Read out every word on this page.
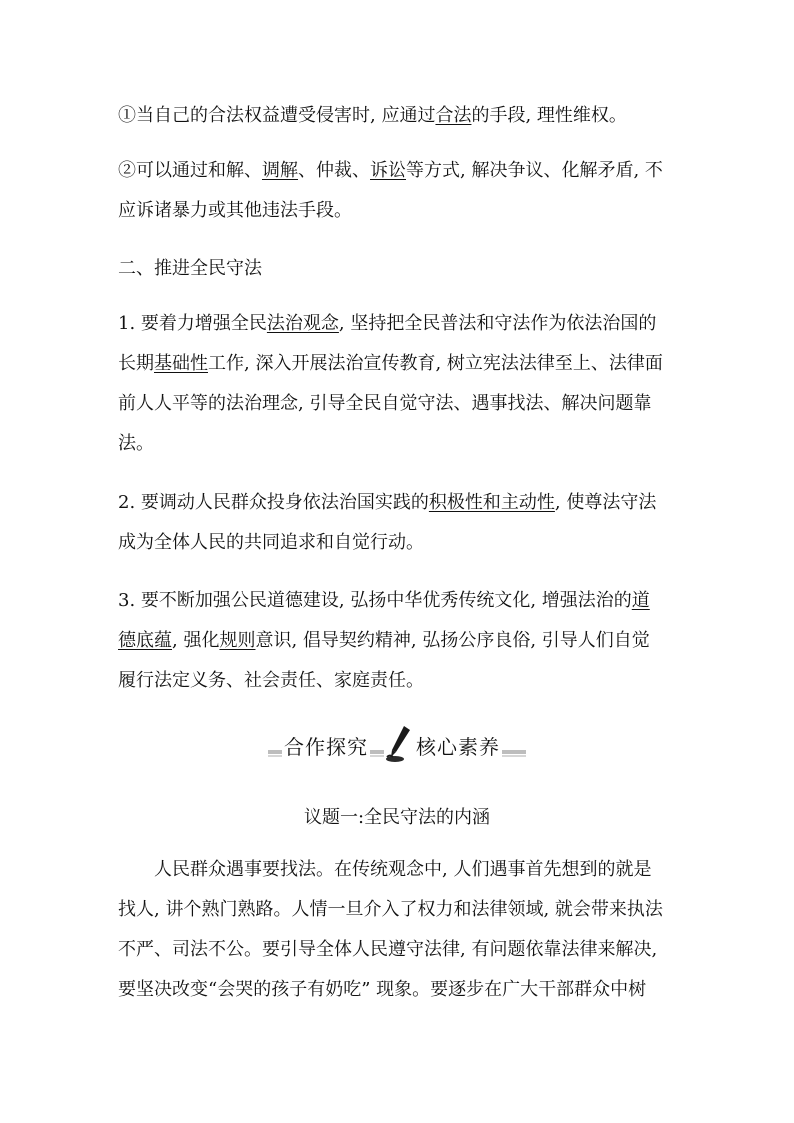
①当自己的合法权益遭受侵害时, 应通过合法的手段, 理性维权。

②可以通过和解、调解、仲裁、诉讼等方式, 解决争议、化解矛盾, 不
应诉诸暴力或其他违法手段。

二、推进全民守法

1. 要着力增强全民法治观念, 坚持把全民普法和守法作为依法治国的
长期基础性工作, 深入开展法治宣传教育, 树立宪法法律至上、法律面
前人人平等的法治理念, 引导全民自觉守法、遇事找法、解决问题靠
法。

2. 要调动人民群众投身依法治国实践的积极性和主动性, 使尊法守法
成为全体人民的共同追求和自觉行动。

3. 要不断加强公民道德建设, 弘扬中华优秀传统文化, 增强法治的道
德底蕴, 强化规则意识, 倡导契约精神, 弘扬公序良俗, 引导人们自觉
履行法定义务、社会责任、家庭责任。

合作探究 核心素养
议题一:全民守法的内涵

人民群众遇事要找法。在传统观念中, 人们遇事首先想到的就是
找人, 讲个熟门熟路。人情一旦介入了权力和法律领域, 就会带来执法
不严、司法不公。要引导全体人民遵守法律, 有问题依靠法律来解决,
要坚决改变“会哭的孩子有奶吃” 现象。要逐步在广大干部群众中树
